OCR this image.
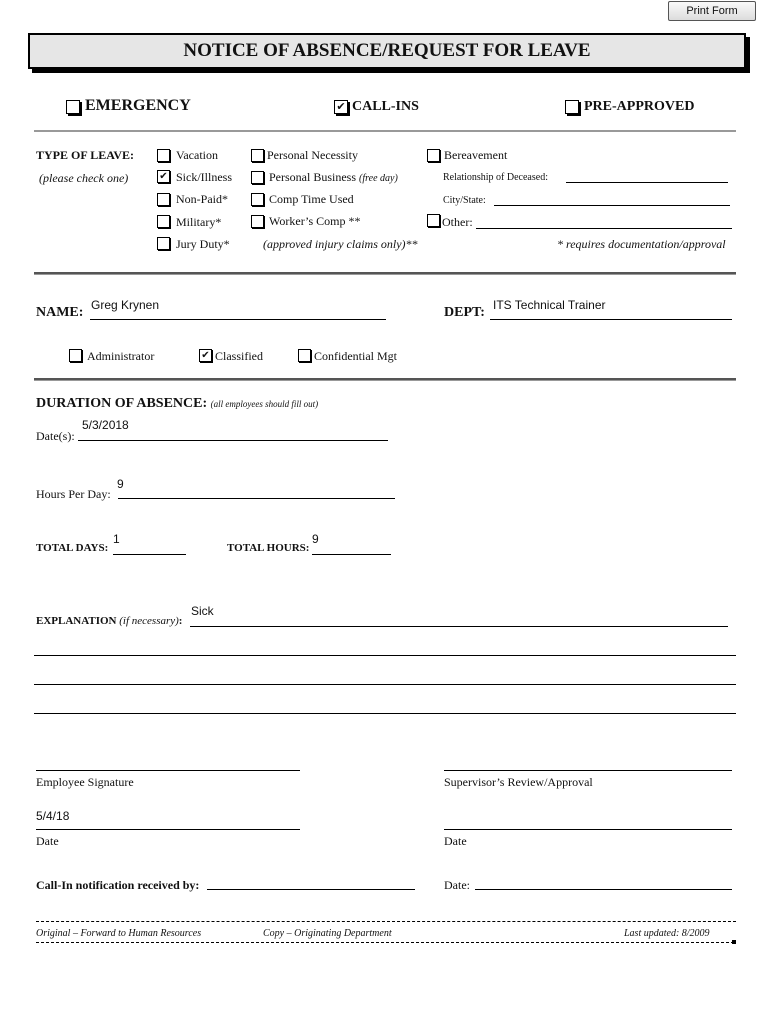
Print Form
NOTICE OF ABSENCE/REQUEST FOR LEAVE
EMERGENCY	✔ CALL-INS	PRE-APPROVED
TYPE OF LEAVE:
(please check one)
Vacation
✔ Sick/Illness
Non-Paid*
Military*
Jury Duty*
Personal Necessity
Personal Business (free day)
Comp Time Used
Worker’s Comp **
(approved injury claims only)**
Bereavement
Relationship of Deceased:
City/State:
Other:
* requires documentation/approval
NAME: Greg Krynen	DEPT: ITS Technical Trainer
Administrator	✔ Classified	Confidential Mgt
DURATION OF ABSENCE: (all employees should fill out)
Date(s):
5/3/2018
Hours Per Day:
9
TOTAL DAYS:
1
TOTAL HOURS:
9
EXPLANATION (if necessary):
Sick
Employee Signature	Supervisor’s Review/Approval
5/4/18
Date	Date
Call-In notification received by:	Date:
Original – Forward to Human Resources	Copy – Originating Department	Last updated: 8/2009
